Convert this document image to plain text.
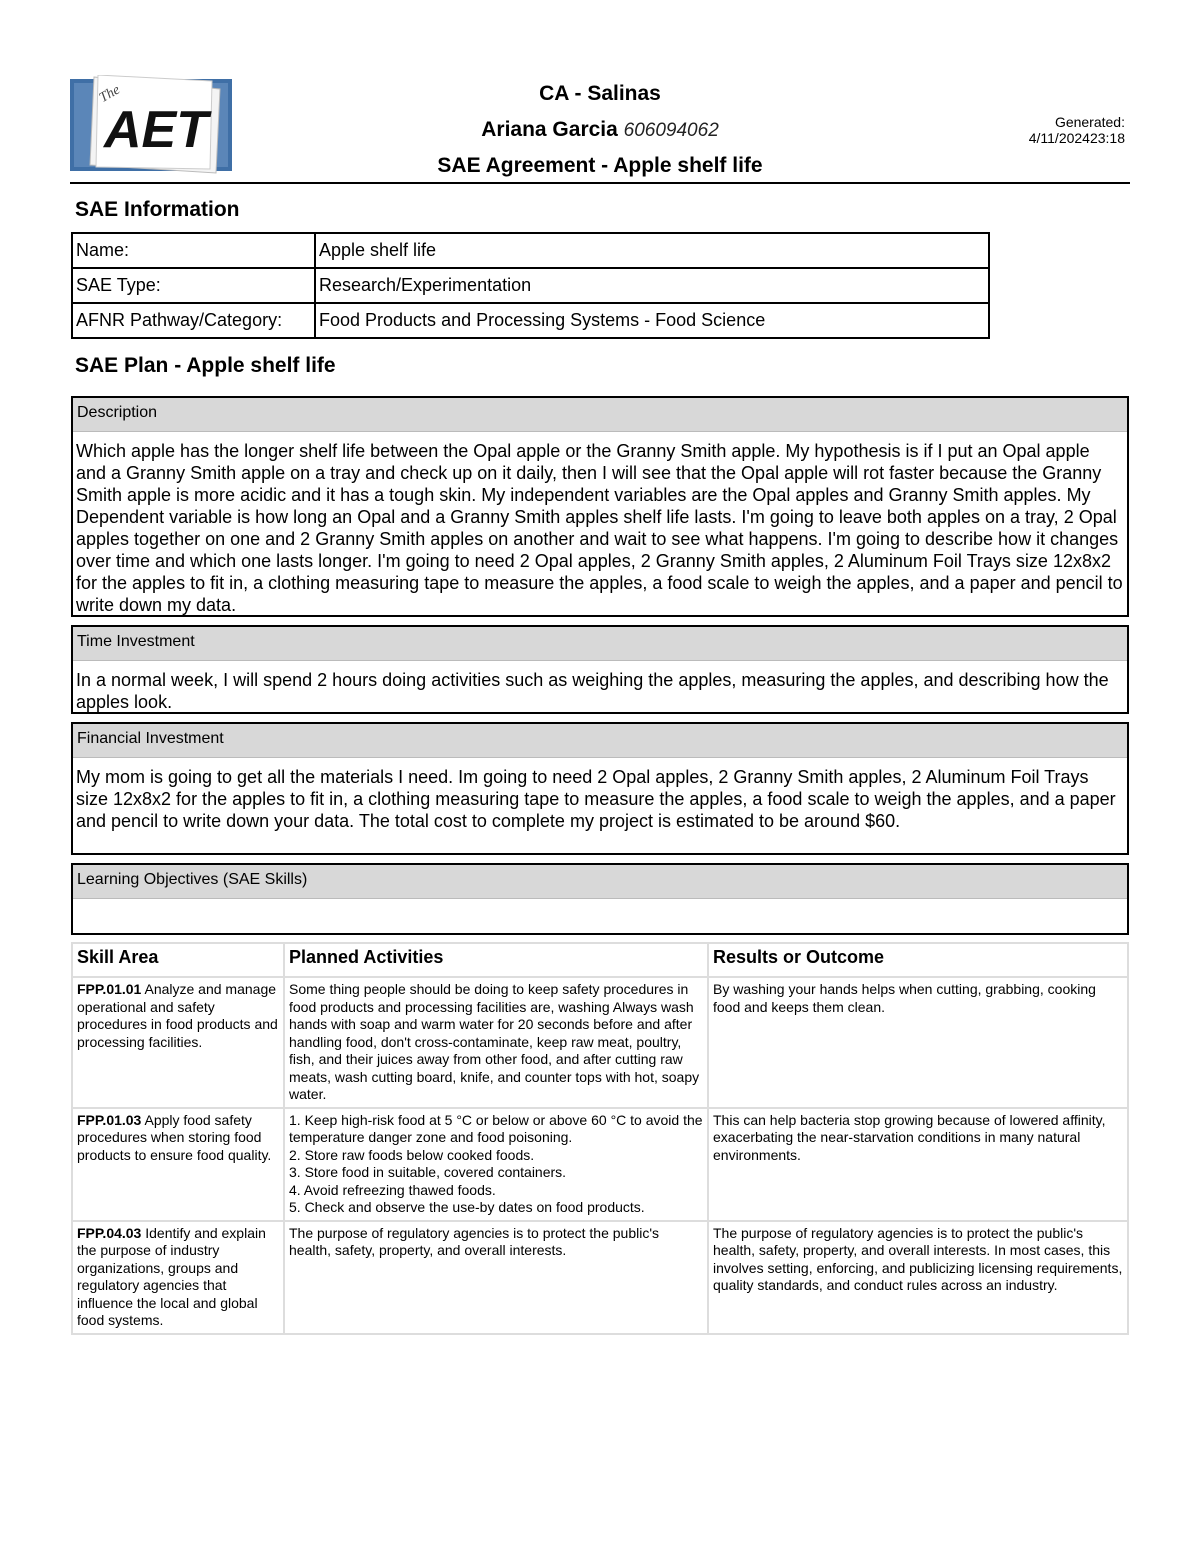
The
AET
CA - Salinas
Ariana Garcia 606094062
SAE Agreement - Apple shelf life
Generated:
4/11/202423:18
SAE Information
Name:	Apple shelf life
SAE Type:	Research/Experimentation
AFNR Pathway/Category:	Food Products and Processing Systems - Food Science
SAE Plan - Apple shelf life
Description
Which apple has the longer shelf life between the Opal apple or the Granny Smith apple. My hypothesis is if I put an Opal apple and a Granny Smith apple on a tray and check up on it daily, then I will see that the Opal apple will rot faster because the Granny Smith apple is more acidic and it has a tough skin. My independent variables are the Opal apples and Granny Smith apples. My Dependent variable is how long an Opal and a Granny Smith apples shelf life lasts. I'm going to leave both apples on a tray, 2 Opal apples together on one and 2 Granny Smith apples on another and wait to see what happens. I'm going to describe how it changes over time and which one lasts longer. I'm going to need 2 Opal apples, 2 Granny Smith apples, 2 Aluminum Foil Trays size 12x8x2 for the apples to fit in, a clothing measuring tape to measure the apples, a food scale to weigh the apples, and a paper and pencil to write down my data.
Time Investment
In a normal week, I will spend 2 hours doing activities such as weighing the apples, measuring the apples, and describing how the apples look.
Financial Investment
My mom is going to get all the materials I need. Im going to need 2 Opal apples, 2 Granny Smith apples, 2 Aluminum Foil Trays size 12x8x2 for the apples to fit in, a clothing measuring tape to measure the apples, a food scale to weigh the apples, and a paper and pencil to write down your data. The total cost to complete my project is estimated to be around $60.
Learning Objectives (SAE Skills)
Skill Area	Planned Activities	Results or Outcome
FPP.01.01 Analyze and manage operational and safety procedures in food products and processing facilities.	Some thing people should be doing to keep safety procedures in food products and processing facilities are, washing Always wash hands with soap and warm water for 20 seconds before and after handling food, don't cross-contaminate, keep raw meat, poultry, fish, and their juices away from other food, and after cutting raw meats, wash cutting board, knife, and counter tops with hot, soapy water.	By washing your hands helps when cutting, grabbing, cooking food and keeps them clean.
FPP.01.03 Apply food safety procedures when storing food products to ensure food quality.	1. Keep high-risk food at 5 °C or below or above 60 °C to avoid the temperature danger zone and food poisoning.
2. Store raw foods below cooked foods.
3. Store food in suitable, covered containers.
4. Avoid refreezing thawed foods.
5. Check and observe the use-by dates on food products.	This can help bacteria stop growing because of lowered affinity, exacerbating the near-starvation conditions in many natural environments.
FPP.04.03 Identify and explain the purpose of industry organizations, groups and regulatory agencies that influence the local and global food systems.	The purpose of regulatory agencies is to protect the public's health, safety, property, and overall interests.	The purpose of regulatory agencies is to protect the public's health, safety, property, and overall interests. In most cases, this involves setting, enforcing, and publicizing licensing requirements, quality standards, and conduct rules across an industry.
